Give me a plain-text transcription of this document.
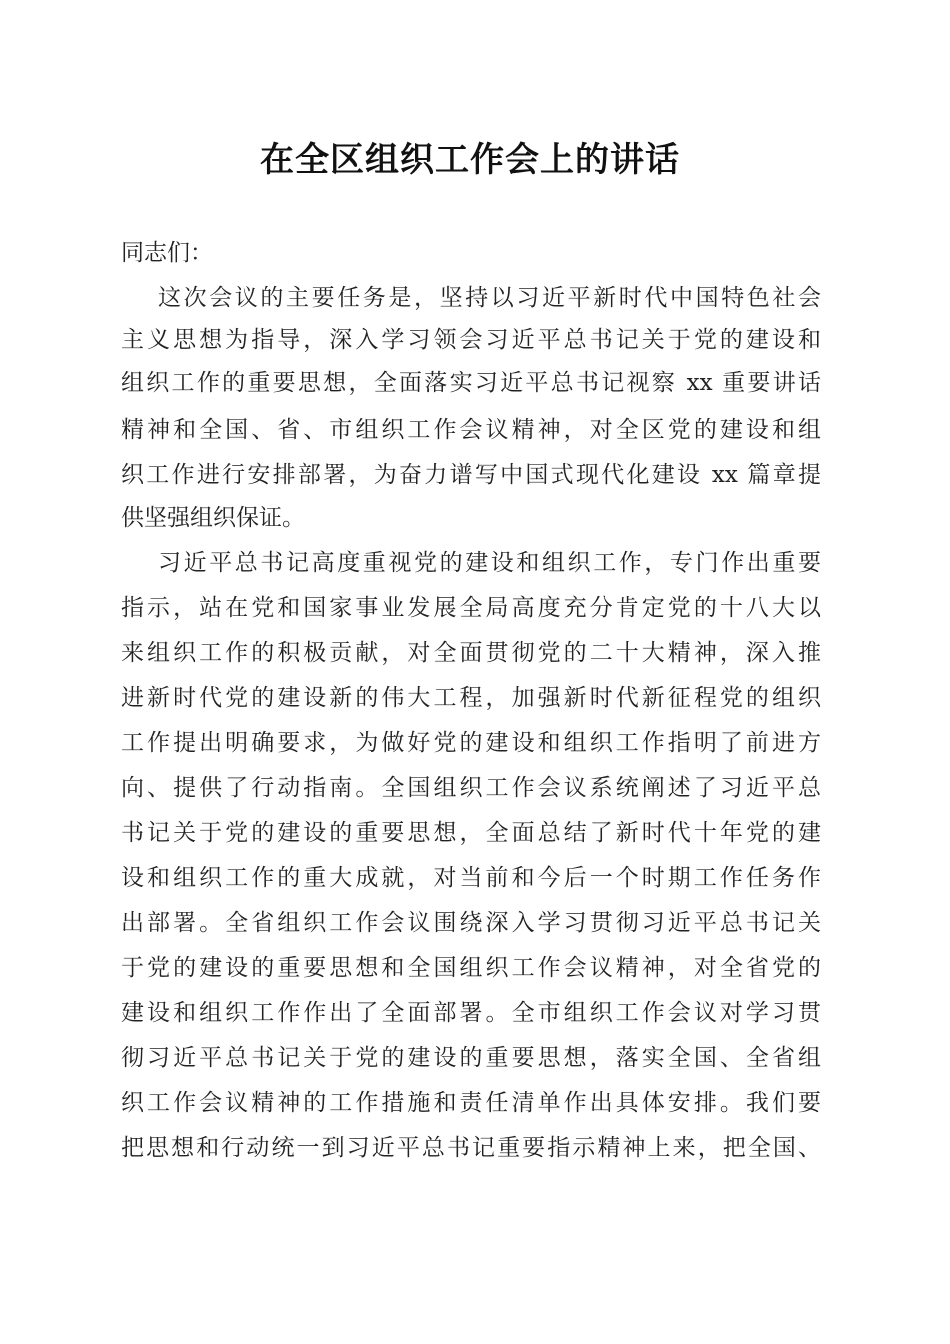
在全区组织工作会上的讲话
同志们：
这次会议的主要任务是，坚持以习近平新时代中国特色社会
主义思想为指导，深入学习领会习近平总书记关于党的建设和
组织工作的重要思想，全面落实习近平总书记视察 xx 重要讲话
精神和全国、省、市组织工作会议精神，对全区党的建设和组
织工作进行安排部署，为奋力谱写中国式现代化建设 xx 篇章提
供坚强组织保证。
习近平总书记高度重视党的建设和组织工作，专门作出重要
指示，站在党和国家事业发展全局高度充分肯定党的十八大以
来组织工作的积极贡献，对全面贯彻党的二十大精神，深入推
进新时代党的建设新的伟大工程，加强新时代新征程党的组织
工作提出明确要求，为做好党的建设和组织工作指明了前进方
向、提供了行动指南。全国组织工作会议系统阐述了习近平总
书记关于党的建设的重要思想，全面总结了新时代十年党的建
设和组织工作的重大成就，对当前和今后一个时期工作任务作
出部署。全省组织工作会议围绕深入学习贯彻习近平总书记关
于党的建设的重要思想和全国组织工作会议精神，对全省党的
建设和组织工作作出了全面部署。全市组织工作会议对学习贯
彻习近平总书记关于党的建设的重要思想，落实全国、全省组
织工作会议精神的工作措施和责任清单作出具体安排。我们要
把思想和行动统一到习近平总书记重要指示精神上来，把全国、
